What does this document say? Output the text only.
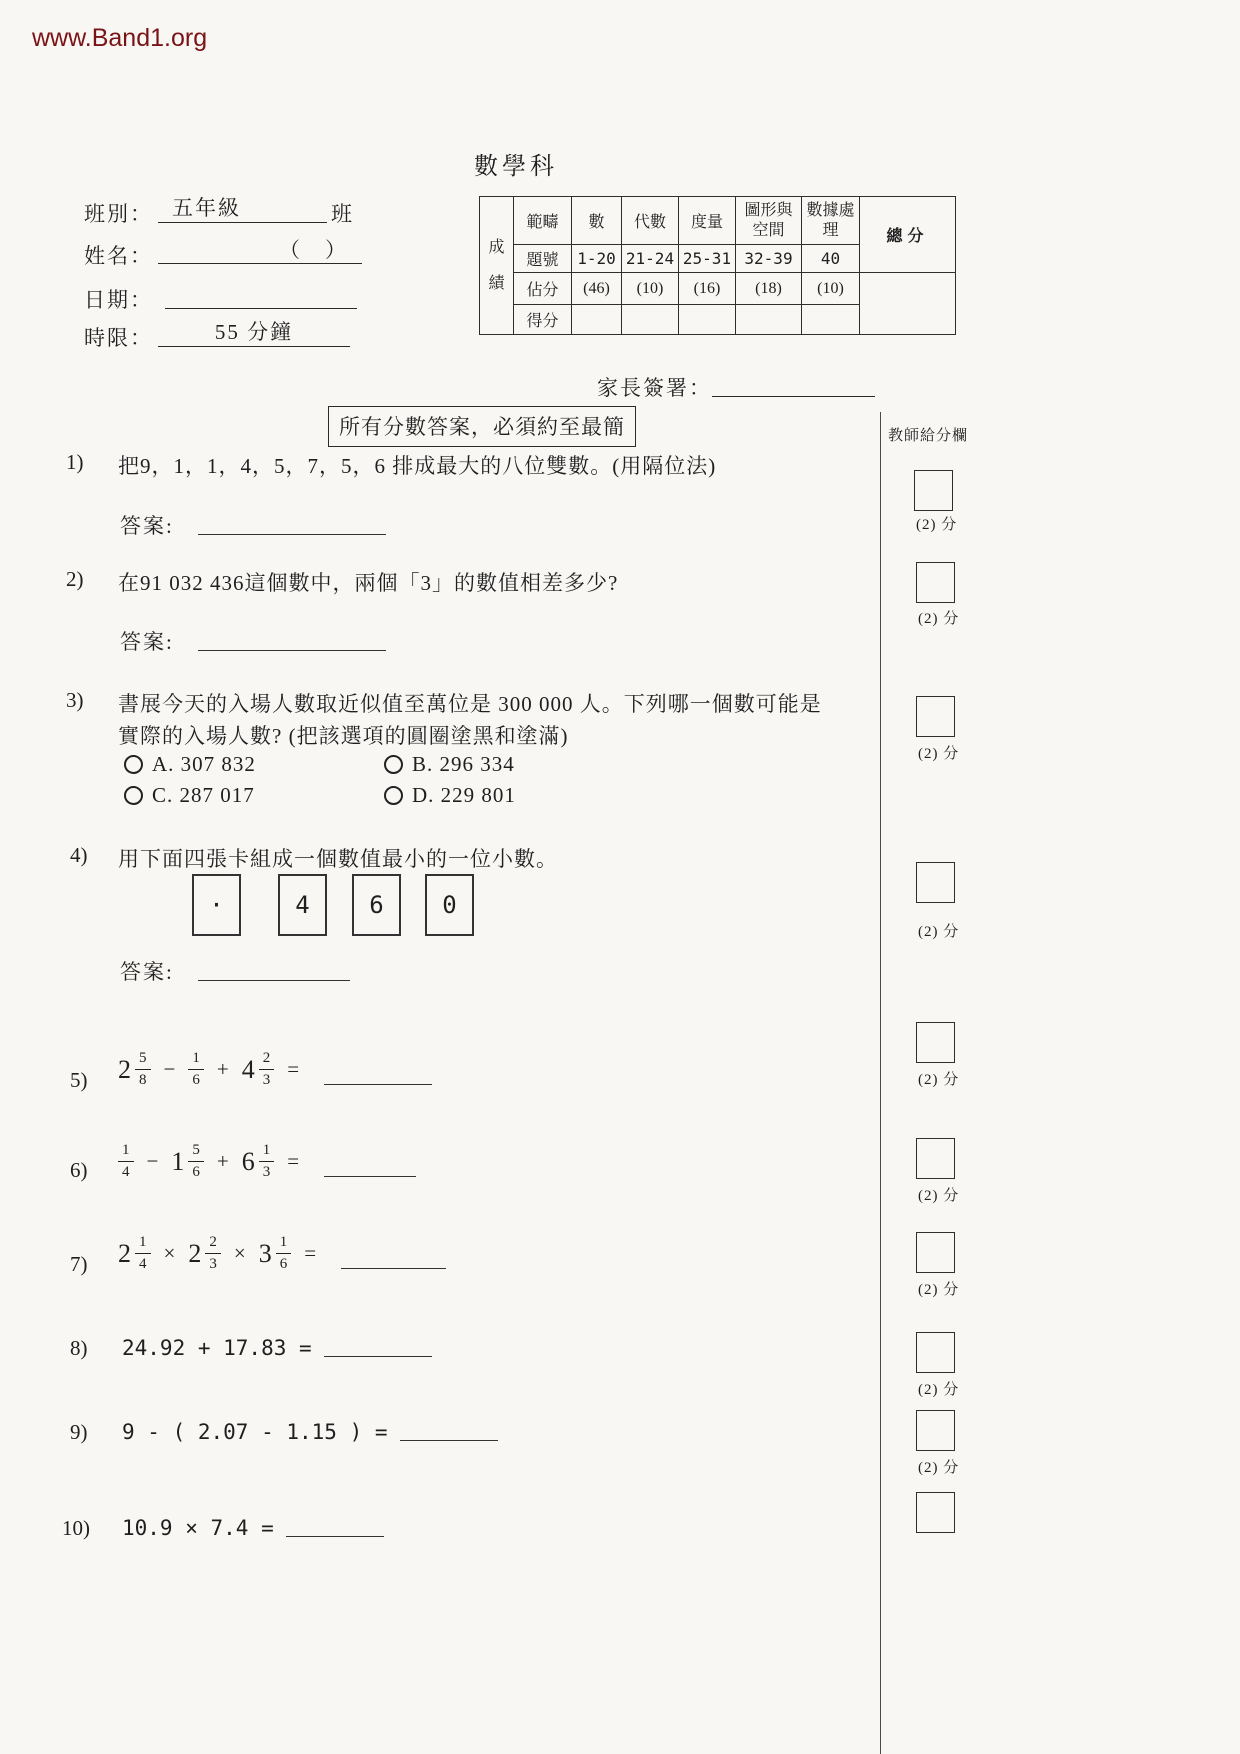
www.Band1.org
數學科
班別： 五年級	班
姓名：	（　）
日期：
時限：	55 分鐘
成績	範疇	數	代數	度量	圖形與空間	數據處理	總分
	題號	1-20	21-24	25-31	32-39	40	
	佔分	(46)	(10)	(16)	(18)	(10)	
	得分						
家長簽署：
所有分數答案，必須約至最簡	教師給分欄
(2) 分
(2) 分
(2) 分
(2) 分
(2) 分
(2) 分
(2) 分
(2) 分
(2) 分
1) 把9，1，1，4，5，7，5，6 排成最大的八位雙數。(用隔位法)
答案:
2) 在91 032 436這個數中，兩個「3」的數值相差多少?
答案:
3) 書展今天的入場人數取近似值至萬位是 300 000 人。下列哪一個數可能是
實際的入場人數? (把該選項的圓圈塗黑和塗滿)
A. 307 832	B. 296 334
C. 287 017	D. 229 801
4) 用下面四張卡組成一個數值最小的一位小數。
·	4	6	0
答案:
5) $2 \frac{5}{8} - \frac{1}{6} + 4 \frac{2}{3}$ =
$6) \frac{1}{4} - 1 \frac{5}{6} + 6 \frac{1}{3}$ =
7) $2 \frac{1}{4} \times 2 \frac{2}{3} \times 3 \frac{1}{6}$ =
8) 24.92 + 17.83 =
9) 9 - ( 2.07 - 1.15 ) =
10) 10.9 × 7.4 =
